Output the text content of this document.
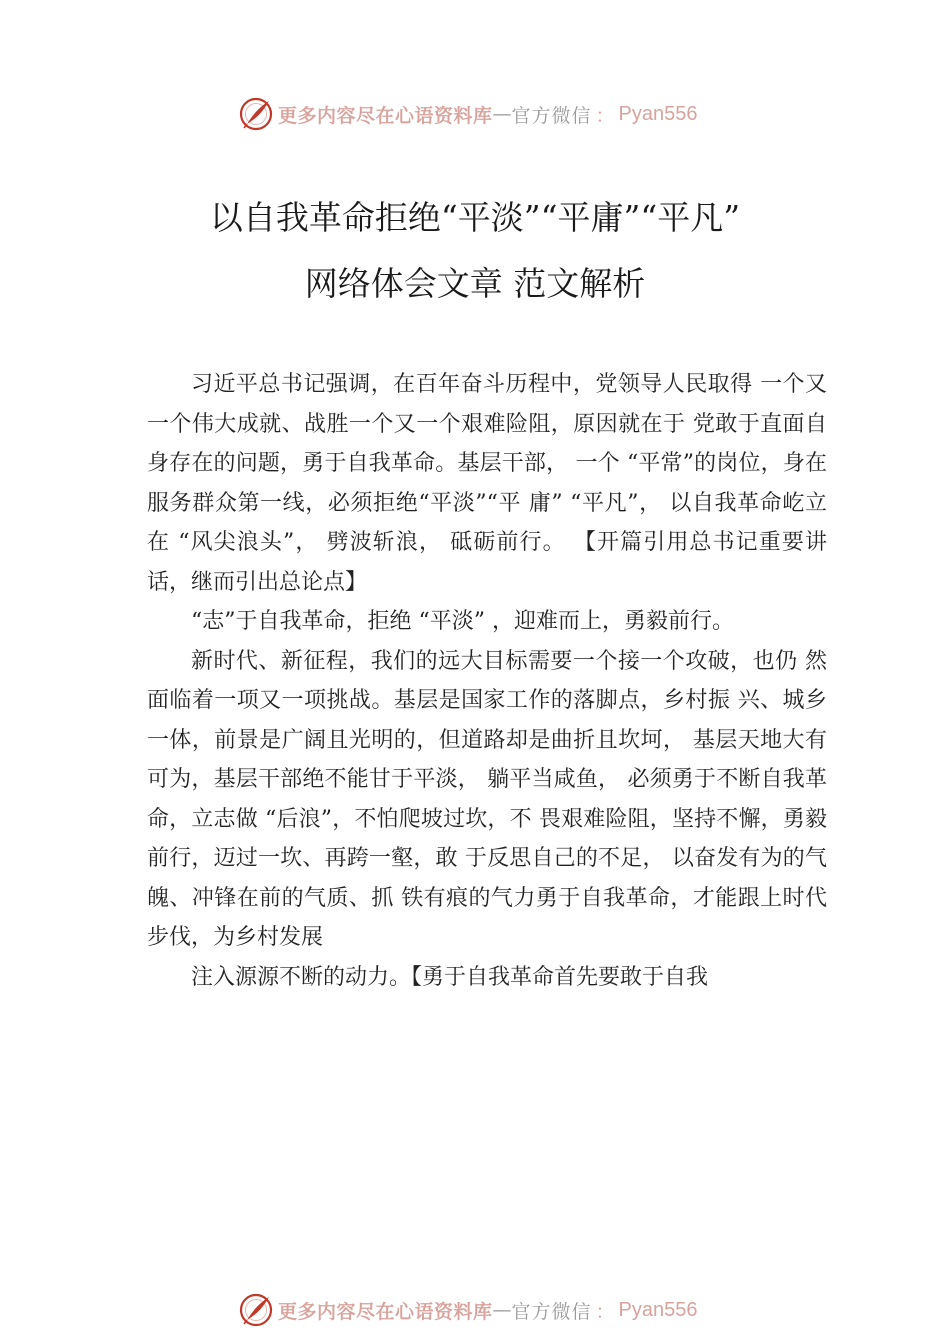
更多内容尽在心语资料库 — 官方微信 ： Pyan556
以自我革命拒绝“平淡”“平庸”“平凡”
网络体会文章 范文解析

习近平总书记强调，在百年奋斗历程中，党领导人民取得 一个又一个伟大成就、战胜一个又一个艰难险阻，原因就在于 党敢于直面自身存在的问题，勇于自我革命。基层干部， 一个 “平常”的岗位，身在服务群众第一线，必须拒绝“平淡”“平 庸” “平凡”， 以自我革命屹立在 “风尖浪头”， 劈波斩浪， 砥砺前行。 【开篇引用总书记重要讲话，继而引出总论点】

“志”于自我革命，拒绝 “平淡” ，迎难而上，勇毅前行。

新时代、新征程，我们的远大目标需要一个接一个攻破，也仍 然面临着一项又一项挑战。基层是国家工作的落脚点，乡村振 兴、城乡一体，前景是广阔且光明的，但道路却是曲折且坎坷， 基层天地大有可为，基层干部绝不能甘于平淡， 躺平当咸鱼， 必须勇于不断自我革命，立志做 “后浪”，不怕爬坡过坎，不 畏艰难险阻，坚持不懈，勇毅前行，迈过一坎、再跨一壑，敢 于反思自己的不足， 以奋发有为的气魄、冲锋在前的气质、抓 铁有痕的气力勇于自我革命，才能跟上时代步伐，为乡村发展

注入源源不断的动力。【勇于自我革命首先要敢于自我

更多内容尽在心语资料库 — 官方微信 ： Pyan556
